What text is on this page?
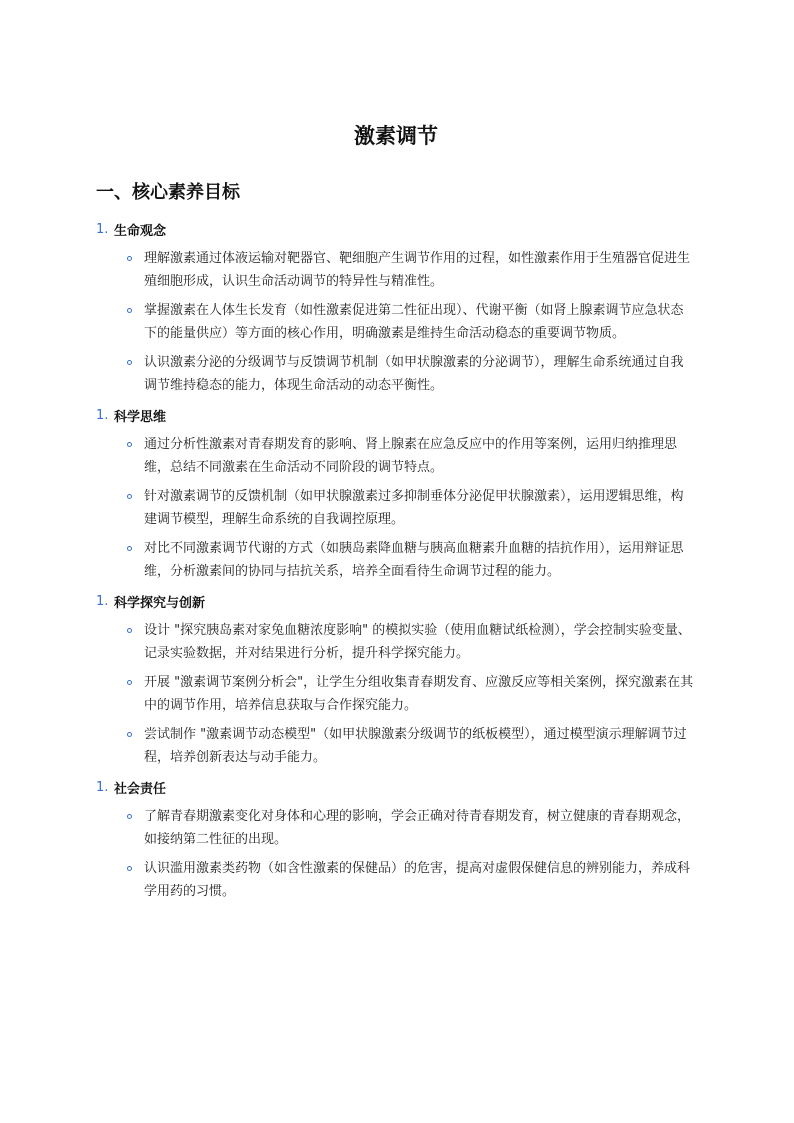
激素调节
一、核心素养目标
1. 生命观念
理解激素通过体液运输对靶器官、靶细胞产生调节作用的过程，如性激素作用于生殖器官促进生殖细胞形成，认识生命活动调节的特异性与精准性。
掌握激素在人体生长发育（如性激素促进第二性征出现）、代谢平衡（如肾上腺素调节应急状态下的能量供应）等方面的核心作用，明确激素是维持生命活动稳态的重要调节物质。
认识激素分泌的分级调节与反馈调节机制（如甲状腺激素的分泌调节），理解生命系统通过自我调节维持稳态的能力，体现生命活动的动态平衡性。
1. 科学思维
通过分析性激素对青春期发育的影响、肾上腺素在应急反应中的作用等案例，运用归纳推理思维，总结不同激素在生命活动不同阶段的调节特点。
针对激素调节的反馈机制（如甲状腺激素过多抑制垂体分泌促甲状腺激素），运用逻辑思维，构建调节模型，理解生命系统的自我调控原理。
对比不同激素调节代谢的方式（如胰岛素降血糖与胰高血糖素升血糖的拮抗作用），运用辩证思维，分析激素间的协同与拮抗关系，培养全面看待生命调节过程的能力。
1. 科学探究与创新
设计 "探究胰岛素对家兔血糖浓度影响" 的模拟实验（使用血糖试纸检测），学会控制实验变量、记录实验数据，并对结果进行分析，提升科学探究能力。
开展 "激素调节案例分析会"，让学生分组收集青春期发育、应激反应等相关案例，探究激素在其中的调节作用，培养信息获取与合作探究能力。
尝试制作 "激素调节动态模型"（如甲状腺激素分级调节的纸板模型），通过模型演示理解调节过程，培养创新表达与动手能力。
1. 社会责任
了解青春期激素变化对身体和心理的影响，学会正确对待青春期发育，树立健康的青春期观念，如接纳第二性征的出现。
认识滥用激素类药物（如含性激素的保健品）的危害，提高对虚假保健信息的辨别能力，养成科学用药的习惯。
